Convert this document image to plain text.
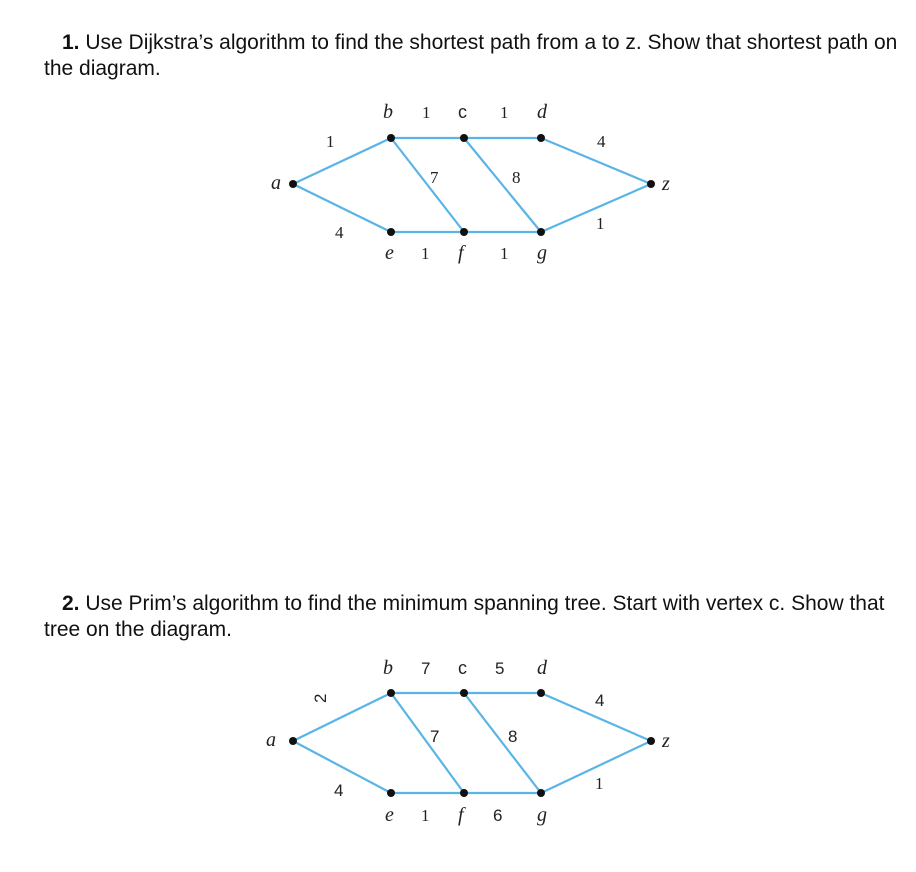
1. Use Dijkstra’s algorithm to find the shortest path from a to z. Show that shortest path on the diagram.

a
b	c	d
e	f	g
z
1
1	1
4
4
1	1
1
7	8

2. Use Prim’s algorithm to find the minimum spanning tree. Start with vertex c. Show that tree on the diagram.

a
b	c	d
e	f	g
z
2
7	5
4
4
1	6
1
7	8
